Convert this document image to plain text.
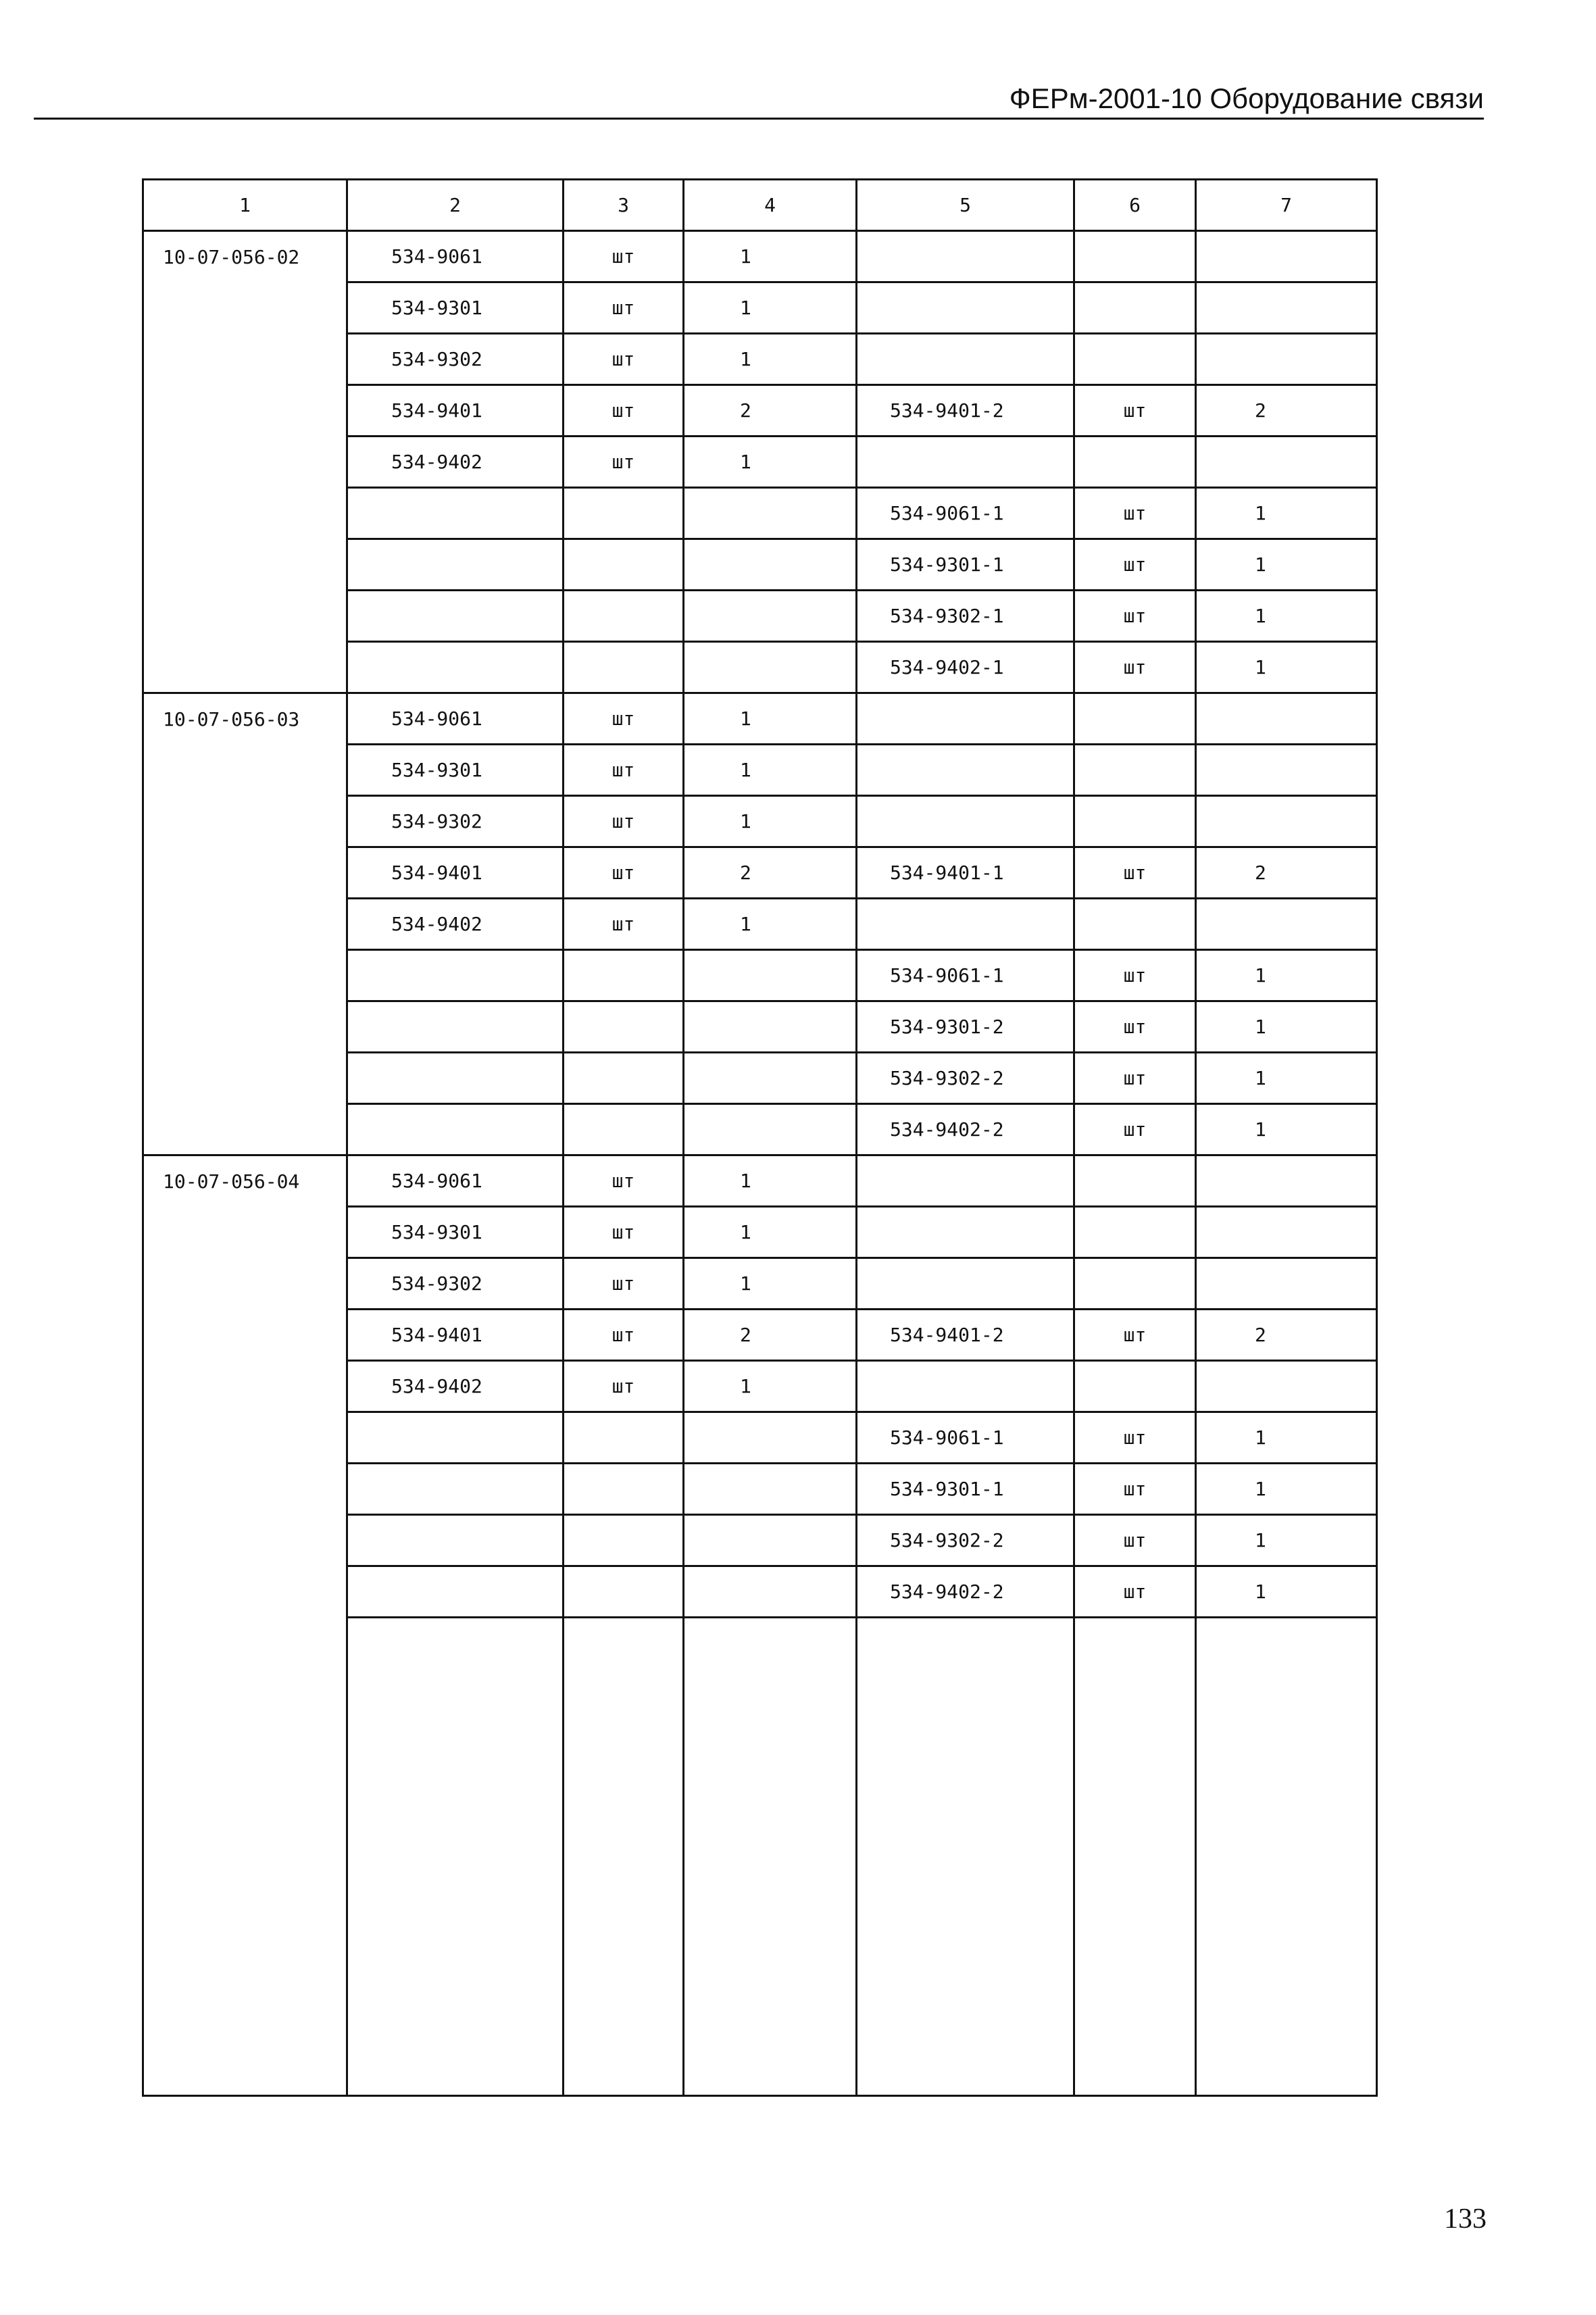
ФЕРм-2001-10 Оборудование связи
1	2	3	4	5	6	7
10-07-056-02	534-9061	шт	1			
	534-9301	шт	1			
	534-9302	шт	1			
	534-9401	шт	2	534-9401-2	шт	2
	534-9402	шт	1			
				534-9061-1	шт	1
				534-9301-1	шт	1
				534-9302-1	шт	1
				534-9402-1	шт	1
10-07-056-03	534-9061	шт	1			
	534-9301	шт	1			
	534-9302	шт	1			
	534-9401	шт	2	534-9401-1	шт	2
	534-9402	шт	1			
				534-9061-1	шт	1
				534-9301-2	шт	1
				534-9302-2	шт	1
				534-9402-2	шт	1
10-07-056-04	534-9061	шт	1			
	534-9301	шт	1			
	534-9302	шт	1			
	534-9401	шт	2	534-9401-2	шт	2
	534-9402	шт	1			
				534-9061-1	шт	1
				534-9301-1	шт	1
				534-9302-2	шт	1
				534-9402-2	шт	1

133
